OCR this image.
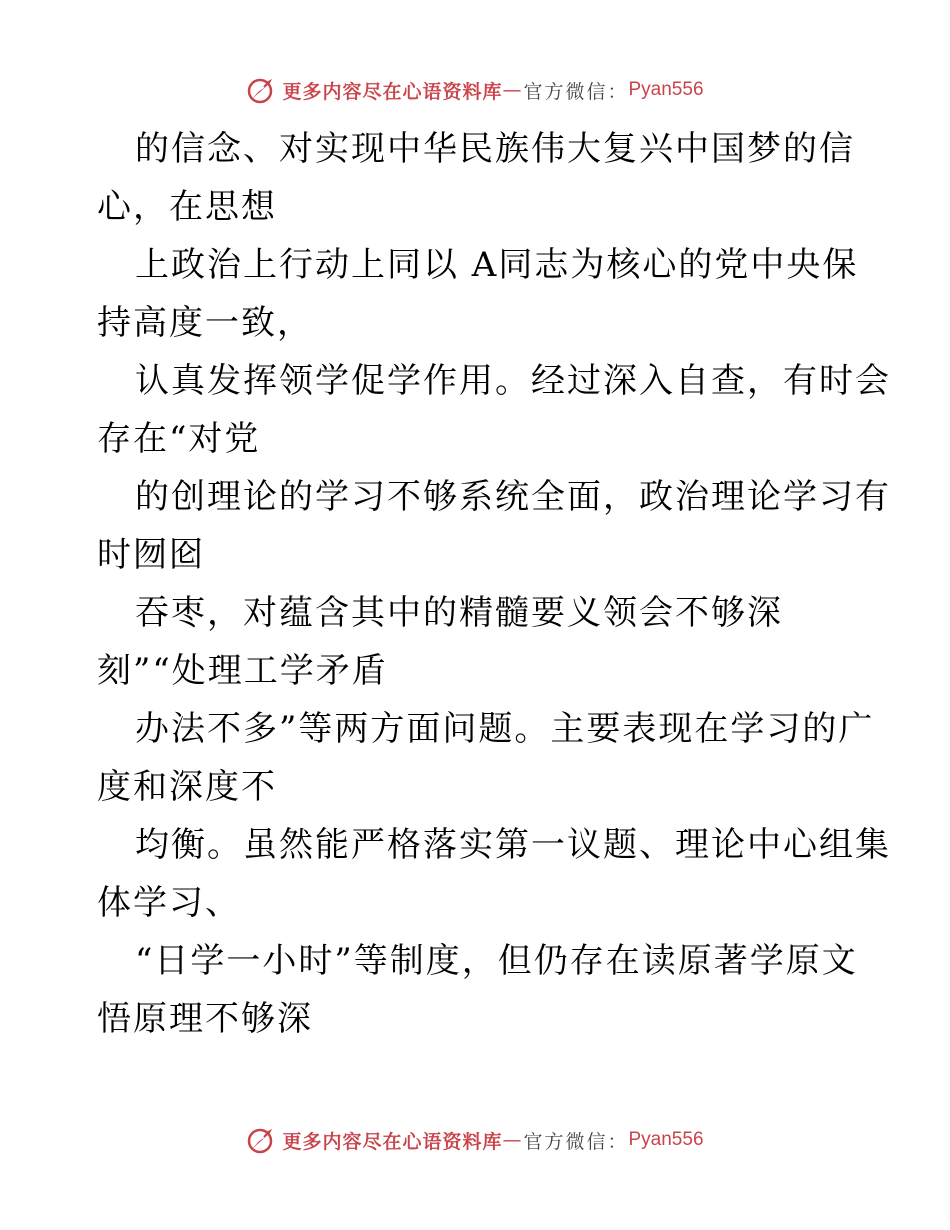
更多内容尽在心语资料库 — 官方微信： Pyan556
的信念、对实现中华民族伟大复兴中国梦的信
心，在思想
上政治上行动上同以 A同志为核心的党中央保
持高度一致，
认真发挥领学促学作用。经过深入自查，有时会
存在“对党
的创理论的学习不够系统全面，政治理论学习有
时囫囵
吞枣，对蕴含其中的精髓要义领会不够深
刻”“处理工学矛盾
办法不多”等两方面问题。主要表现在学习的广
度和深度不
均衡。虽然能严格落实第一议题、理论中心组集
体学习、
“日学一小时”等制度，但仍存在读原著学原文
悟原理不够深
更多内容尽在心语资料库 — 官方微信： Pyan556
